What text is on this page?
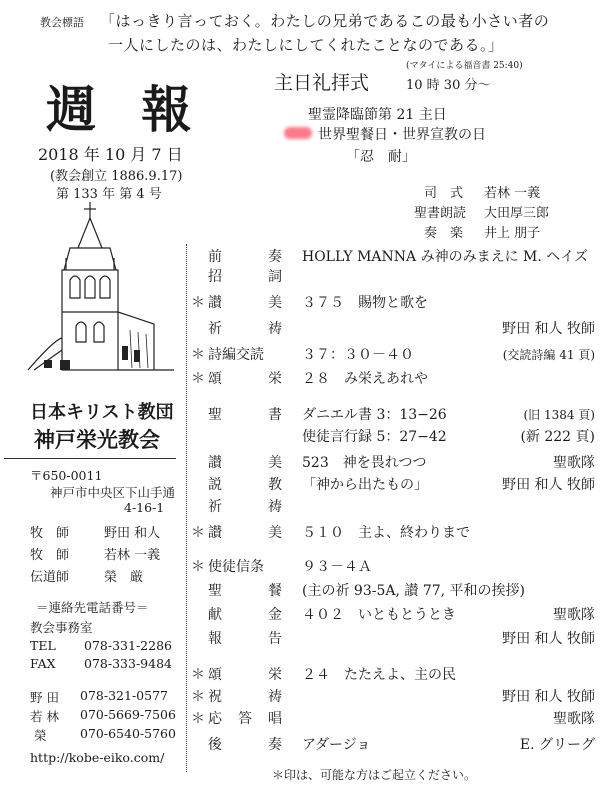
教会標語 「はっきり言っておく。わたしの兄弟であるこの最も小さい者の
一人にしたのは、わたしにしてくれたことなのである。」
(マタイによる福音書 25:40)
週 報
2018 年 10 月 7 日
(教会創立 1886.9.17)
第 133 年 第 4 号
主日礼拝式	10 時 30 分～
聖霊降臨節第 21 主日
世界聖餐日・世界宣教の日
「忍　耐」
司　式 若林 一義
聖書朗読 大田厚三郎
奏　楽 井上 朋子
日本キリスト教団
神戸栄光教会
〒650-0011
神戸市中央区下山手通
4-16-1
牧　師	野田 和人
牧　師	若林 一義
伝道師	榮　厳
＝連絡先電話番号＝
教会事務室
TEL 078-331-2286
FAX 078-333-9484
野 田 078-321-0577
若 林 070-5669-7506
榮	070-6540-5760
http://kobe-eiko.com/
前	奏 HOLLY MANNA み神のみまえに M. ヘイズ
招	詞
＊ 讃	美 ３７５　賜物と歌を
祈	祷	野田 和人 牧師
＊ 詩編交読	３７：３０－４０	(交読詩編 41 頁)
＊ 頌	栄 ２８　み栄えあれや
聖	書 ダニエル書 3：13−26	(旧 1384 頁)
使徒言行録 5：27−42	(新 222 頁)
讃	美 523　神を畏れつつ	聖歌隊
説	教 「神から出たもの」	野田 和人 牧師
祈	祷
＊ 讃	美 ５１０　主よ、終わりまで
＊ 使徒信条	９３－４Ａ
聖	餐 (主の祈 93-5A, 讃 77, 平和の挨拶)
献	金 ４０２　いともとうとき	聖歌隊
報	告	野田 和人 牧師
＊ 頌	栄 ２４　たたえよ、主の民
＊ 祝	祷	野田 和人 牧師
＊ 応 答 唱	聖歌隊
後	奏 アダージョ	E. グリーグ
＊印は、可能な方はご起立ください。
